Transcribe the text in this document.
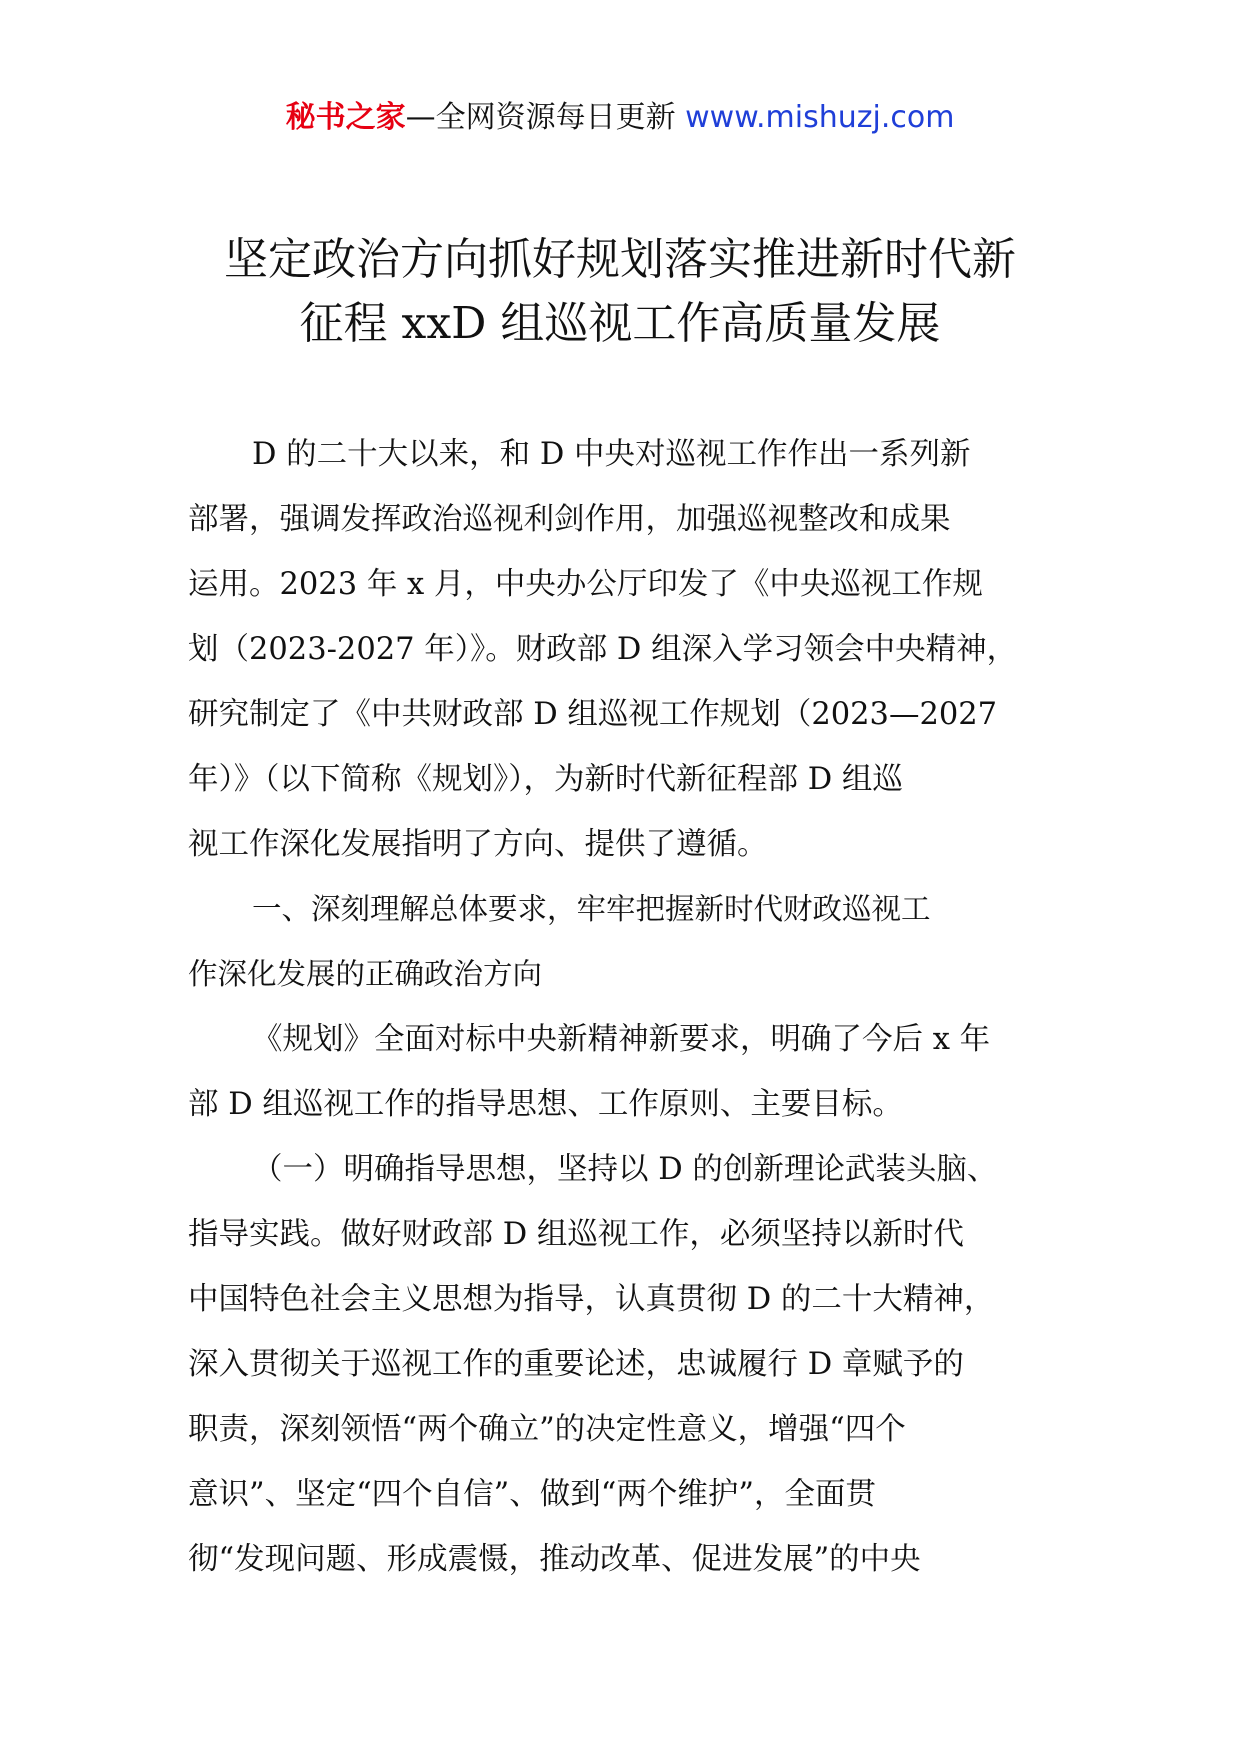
秘书之家—全网资源每日更新 www.mishuzj.com
坚定政治方向抓好规划落实推进新时代新
征程 xxD 组巡视工作高质量发展
D 的二十大以来，和 D 中央对巡视工作作出一系列新
部署，强调发挥政治巡视利剑作用，加强巡视整改和成果
运用。2023 年 x 月，中央办公厅印发了《中央巡视工作规
划（2023-2027 年）》。财政部 D 组深入学习领会中央精神，
研究制定了《中共财政部 D 组巡视工作规划（2023—2027
年）》（以下简称《规划》），为新时代新征程部 D 组巡
视工作深化发展指明了方向、提供了遵循。
一、深刻理解总体要求，牢牢把握新时代财政巡视工
作深化发展的正确政治方向
《规划》全面对标中央新精神新要求，明确了今后 x 年
部 D 组巡视工作的指导思想、工作原则、主要目标。
（一）明确指导思想，坚持以 D 的创新理论武装头脑、
指导实践。做好财政部 D 组巡视工作，必须坚持以新时代
中国特色社会主义思想为指导，认真贯彻 D 的二十大精神，
深入贯彻关于巡视工作的重要论述，忠诚履行 D 章赋予的
职责，深刻领悟“两个确立”的决定性意义，增强“四个
意识”、坚定“四个自信”、做到“两个维护”，全面贯
彻“发现问题、形成震慑，推动改革、促进发展”的中央
